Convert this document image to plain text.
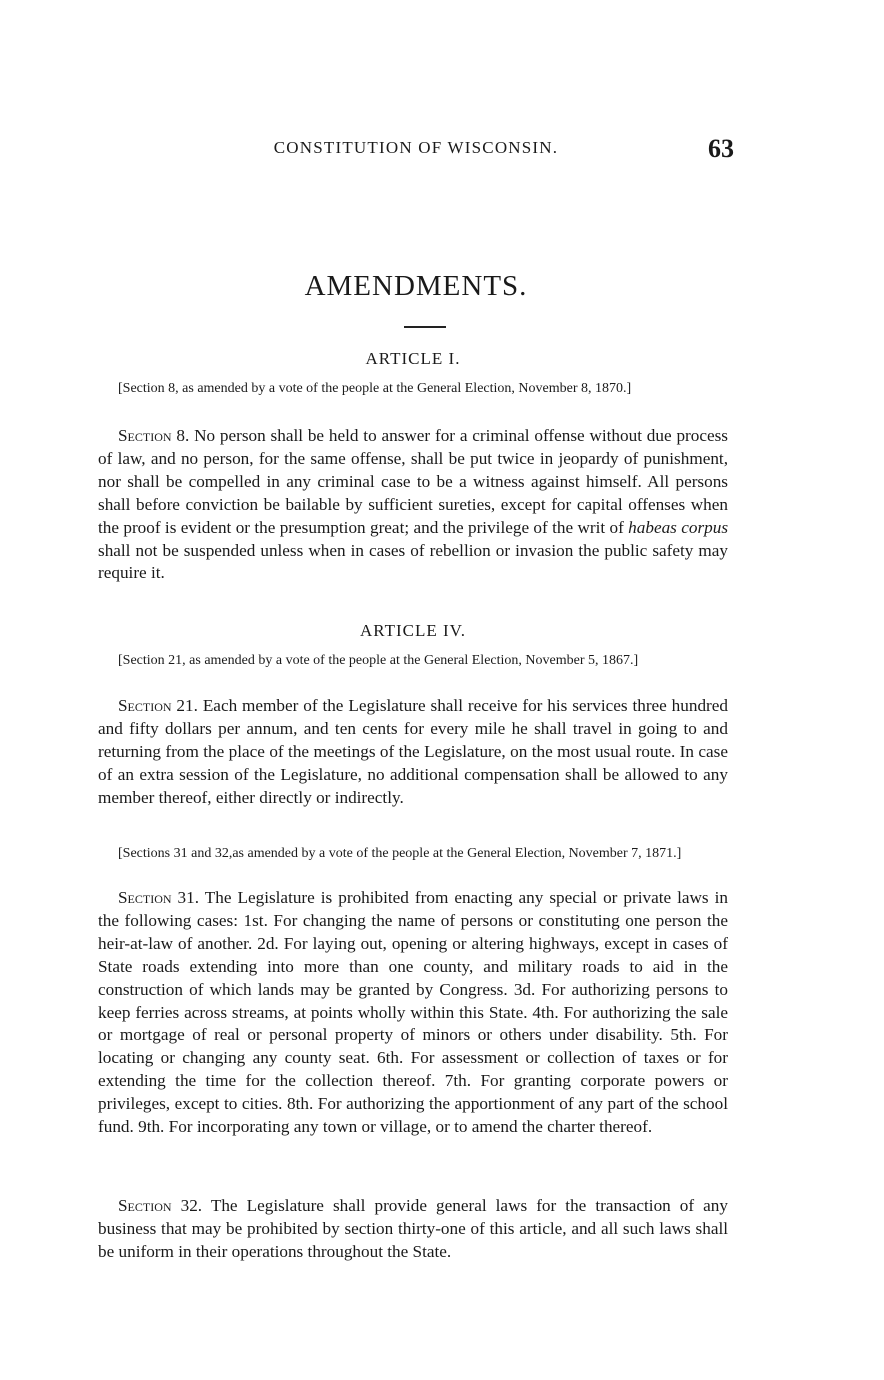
CONSTITUTION OF WISCONSIN.	63
AMENDMENTS.
ARTICLE I.
[Section 8, as amended by a vote of the people at the General Election, November 8, 1870.]
Section 8. No person shall be held to answer for a criminal offense without due process of law, and no person, for the same offense, shall be put twice in jeopardy of punishment, nor shall be compelled in any criminal case to be a witness against himself. All persons shall before conviction be bailable by sufficient sureties, except for capital offenses when the proof is evident or the presumption great; and the privilege of the writ of habeas corpus shall not be suspended unless when in cases of rebellion or invasion the public safety may require it.
ARTICLE IV.
[Section 21, as amended by a vote of the people at the General Election, November 5, 1867.]
Section 21. Each member of the Legislature shall receive for his services three hundred and fifty dollars per annum, and ten cents for every mile he shall travel in going to and returning from the place of the meetings of the Legislature, on the most usual route. In case of an extra session of the Legislature, no additional compensation shall be allowed to any member thereof, either directly or indirectly.
[Sections 31 and 32,as amended by a vote of the people at the General Election, November 7, 1871.]
Section 31. The Legislature is prohibited from enacting any special or private laws in the following cases: 1st. For changing the name of persons or constituting one person the heir-at-law of another. 2d. For laying out, opening or altering highways, except in cases of State roads extending into more than one county, and military roads to aid in the construction of which lands may be granted by Congress. 3d. For authorizing persons to keep ferries across streams, at points wholly within this State. 4th. For authorizing the sale or mortgage of real or personal property of minors or others under disability. 5th. For locating or changing any county seat. 6th. For assessment or collection of taxes or for extending the time for the collection thereof. 7th. For granting corporate powers or privileges, except to cities. 8th. For authorizing the apportionment of any part of the school fund. 9th. For incorporating any town or village, or to amend the charter thereof.
Section 32. The Legislature shall provide general laws for the transaction of any business that may be prohibited by section thirty-one of this article, and all such laws shall be uniform in their operations throughout the State.
